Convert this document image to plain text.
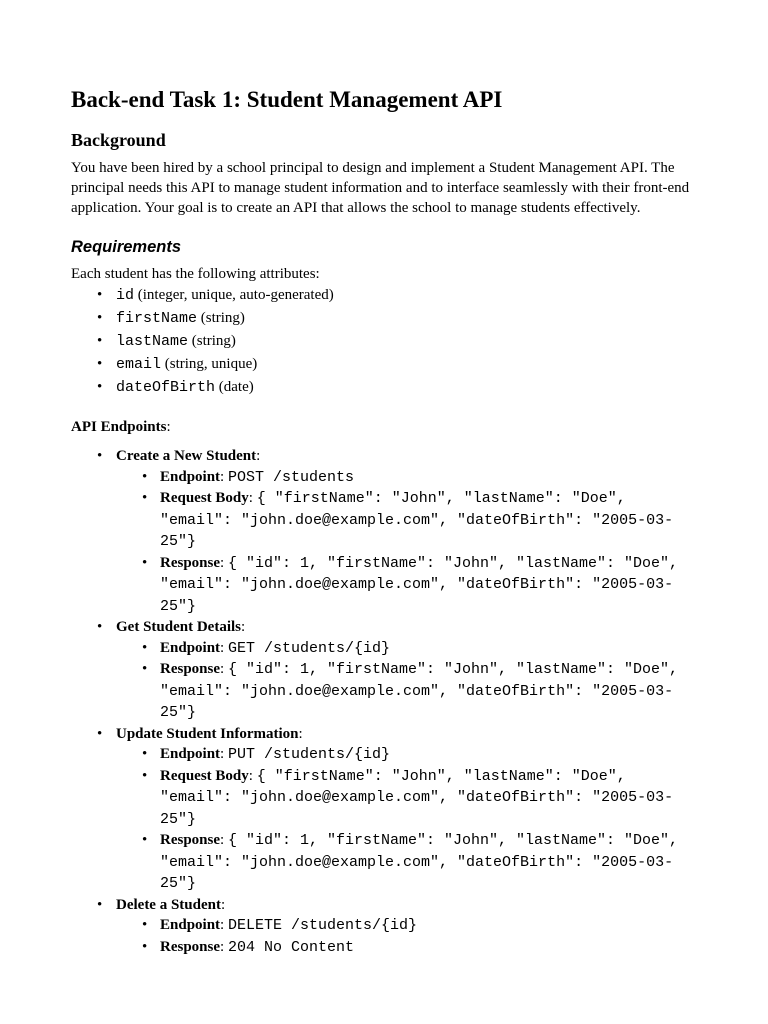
Back-end Task 1: Student Management API
Background

You have been hired by a school principal to design and implement a Student Management API. The principal needs this API to manage student information and to interface seamlessly with their front-end application. Your goal is to create an API that allows the school to manage students effectively.

Requirements

Each student has the following attributes:

• id (integer, unique, auto-generated)
• firstName (string)
• lastName (string)
• email (string, unique)
• dateOfBirth (date)

API Endpoints:

• Create a New Student:
• Endpoint: POST /students
• Request Body: { "firstName": "John", "lastName": "Doe", "email": "john.doe@example.com", "dateOfBirth": "2005-03-25"}
• Response: { "id": 1, "firstName": "John", "lastName": "Doe", "email": "john.doe@example.com", "dateOfBirth": "2005-03-25"}
• Get Student Details:
• Endpoint: GET /students/{id}
• Response: { "id": 1, "firstName": "John", "lastName": "Doe", "email": "john.doe@example.com", "dateOfBirth": "2005-03-25"}
• Update Student Information:
• Endpoint: PUT /students/{id}
• Request Body: { "firstName": "John", "lastName": "Doe", "email": "john.doe@example.com", "dateOfBirth": "2005-03-25"}
• Response: { "id": 1, "firstName": "John", "lastName": "Doe", "email": "john.doe@example.com", "dateOfBirth": "2005-03-25"}
• Delete a Student:
• Endpoint: DELETE /students/{id}
• Response: 204 No Content
